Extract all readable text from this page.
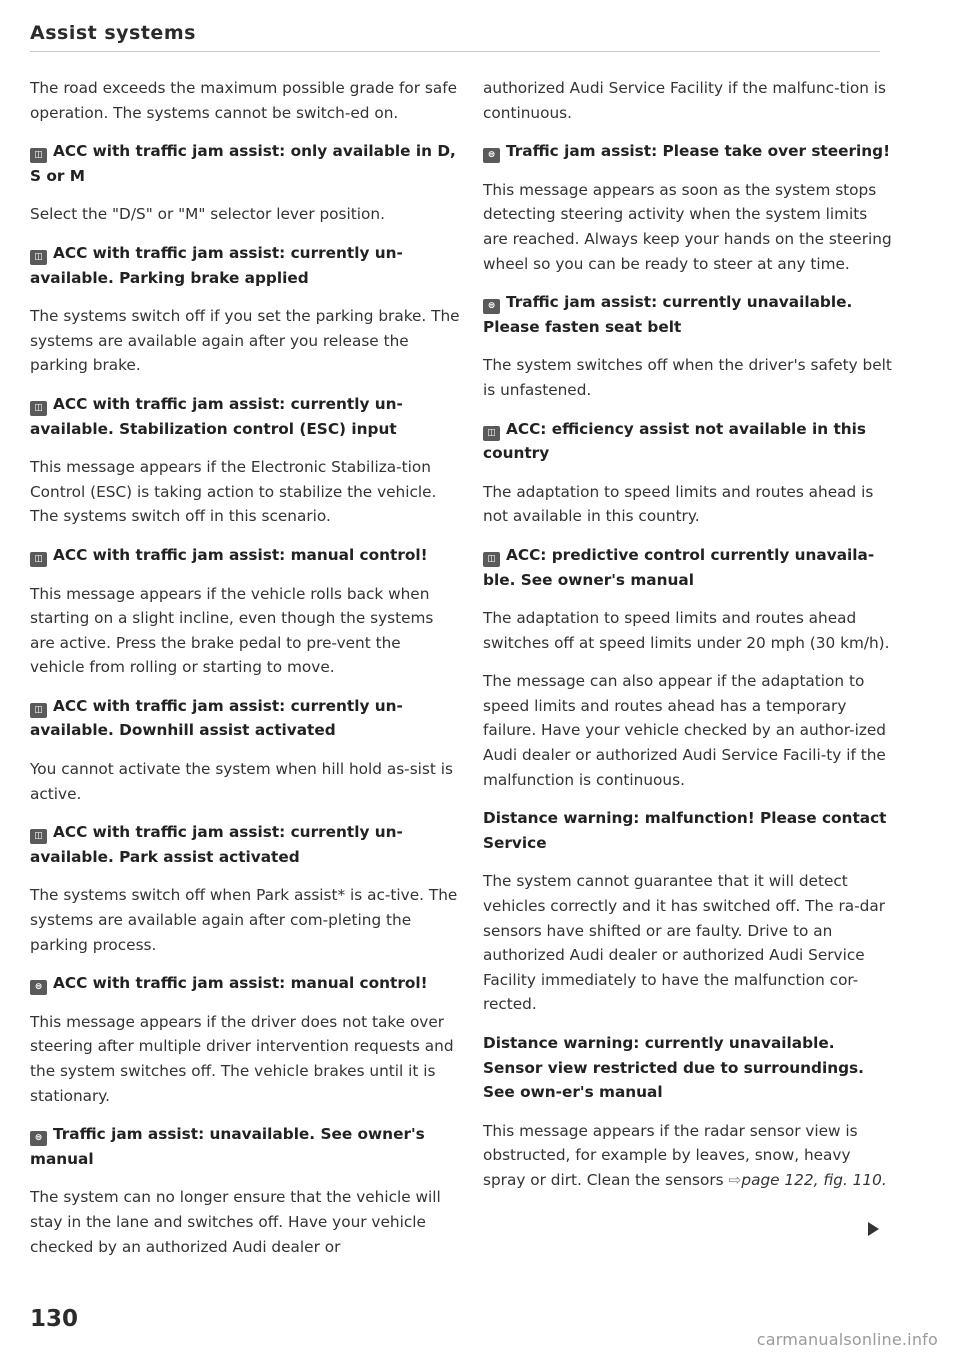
Assist systems

The road exceeds the maximum possible grade for safe operation. The systems cannot be switch-ed on.

◫ ACC with traffic jam assist: only available in D, S or M

Select the "D/S" or "M" selector lever position.

◫ ACC with traffic jam assist: currently un-available. Parking brake applied

The systems switch off if you set the parking brake. The systems are available again after you release the parking brake.

◫ ACC with traffic jam assist: currently un-available. Stabilization control (ESC) input

This message appears if the Electronic Stabiliza-tion Control (ESC) is taking action to stabilize the vehicle. The systems switch off in this scenario.

◫ ACC with traffic jam assist: manual control!

This message appears if the vehicle rolls back when starting on a slight incline, even though the systems are active. Press the brake pedal to pre-vent the vehicle from rolling or starting to move.

◫ ACC with traffic jam assist: currently un-available. Downhill assist activated

You cannot activate the system when hill hold as-sist is active.

◫ ACC with traffic jam assist: currently un-available. Park assist activated

The systems switch off when Park assist* is ac-tive. The systems are available again after com-pleting the parking process.

⊜ ACC with traffic jam assist: manual control!

This message appears if the driver does not take over steering after multiple driver intervention requests and the system switches off. The vehicle brakes until it is stationary.

⊜ Traffic jam assist: unavailable. See owner's manual

The system can no longer ensure that the vehicle will stay in the lane and switches off. Have your vehicle checked by an authorized Audi dealer or

authorized Audi Service Facility if the malfunc-tion is continuous.

⊜ Traffic jam assist: Please take over steering!

This message appears as soon as the system stops detecting steering activity when the system limits are reached. Always keep your hands on the steering wheel so you can be ready to steer at any time.

⊜ Traffic jam assist: currently unavailable. Please fasten seat belt

The system switches off when the driver's safety belt is unfastened.

◫ ACC: efficiency assist not available in this country

The adaptation to speed limits and routes ahead is not available in this country.

◫ ACC: predictive control currently unavaila-ble. See owner's manual

The adaptation to speed limits and routes ahead switches off at speed limits under 20 mph (30 km/h).

The message can also appear if the adaptation to speed limits and routes ahead has a temporary failure. Have your vehicle checked by an author-ized Audi dealer or authorized Audi Service Facili-ty if the malfunction is continuous.

Distance warning: malfunction! Please contact Service

The system cannot guarantee that it will detect vehicles correctly and it has switched off. The ra-dar sensors have shifted or are faulty. Drive to an authorized Audi dealer or authorized Audi Service Facility immediately to have the malfunction cor-rected.

Distance warning: currently unavailable. Sensor view restricted due to surroundings. See own-er's manual

This message appears if the radar sensor view is obstructed, for example by leaves, snow, heavy spray or dirt. Clean the sensors ⇨page 122, fig. 110.

130
carmanualsonline.info
